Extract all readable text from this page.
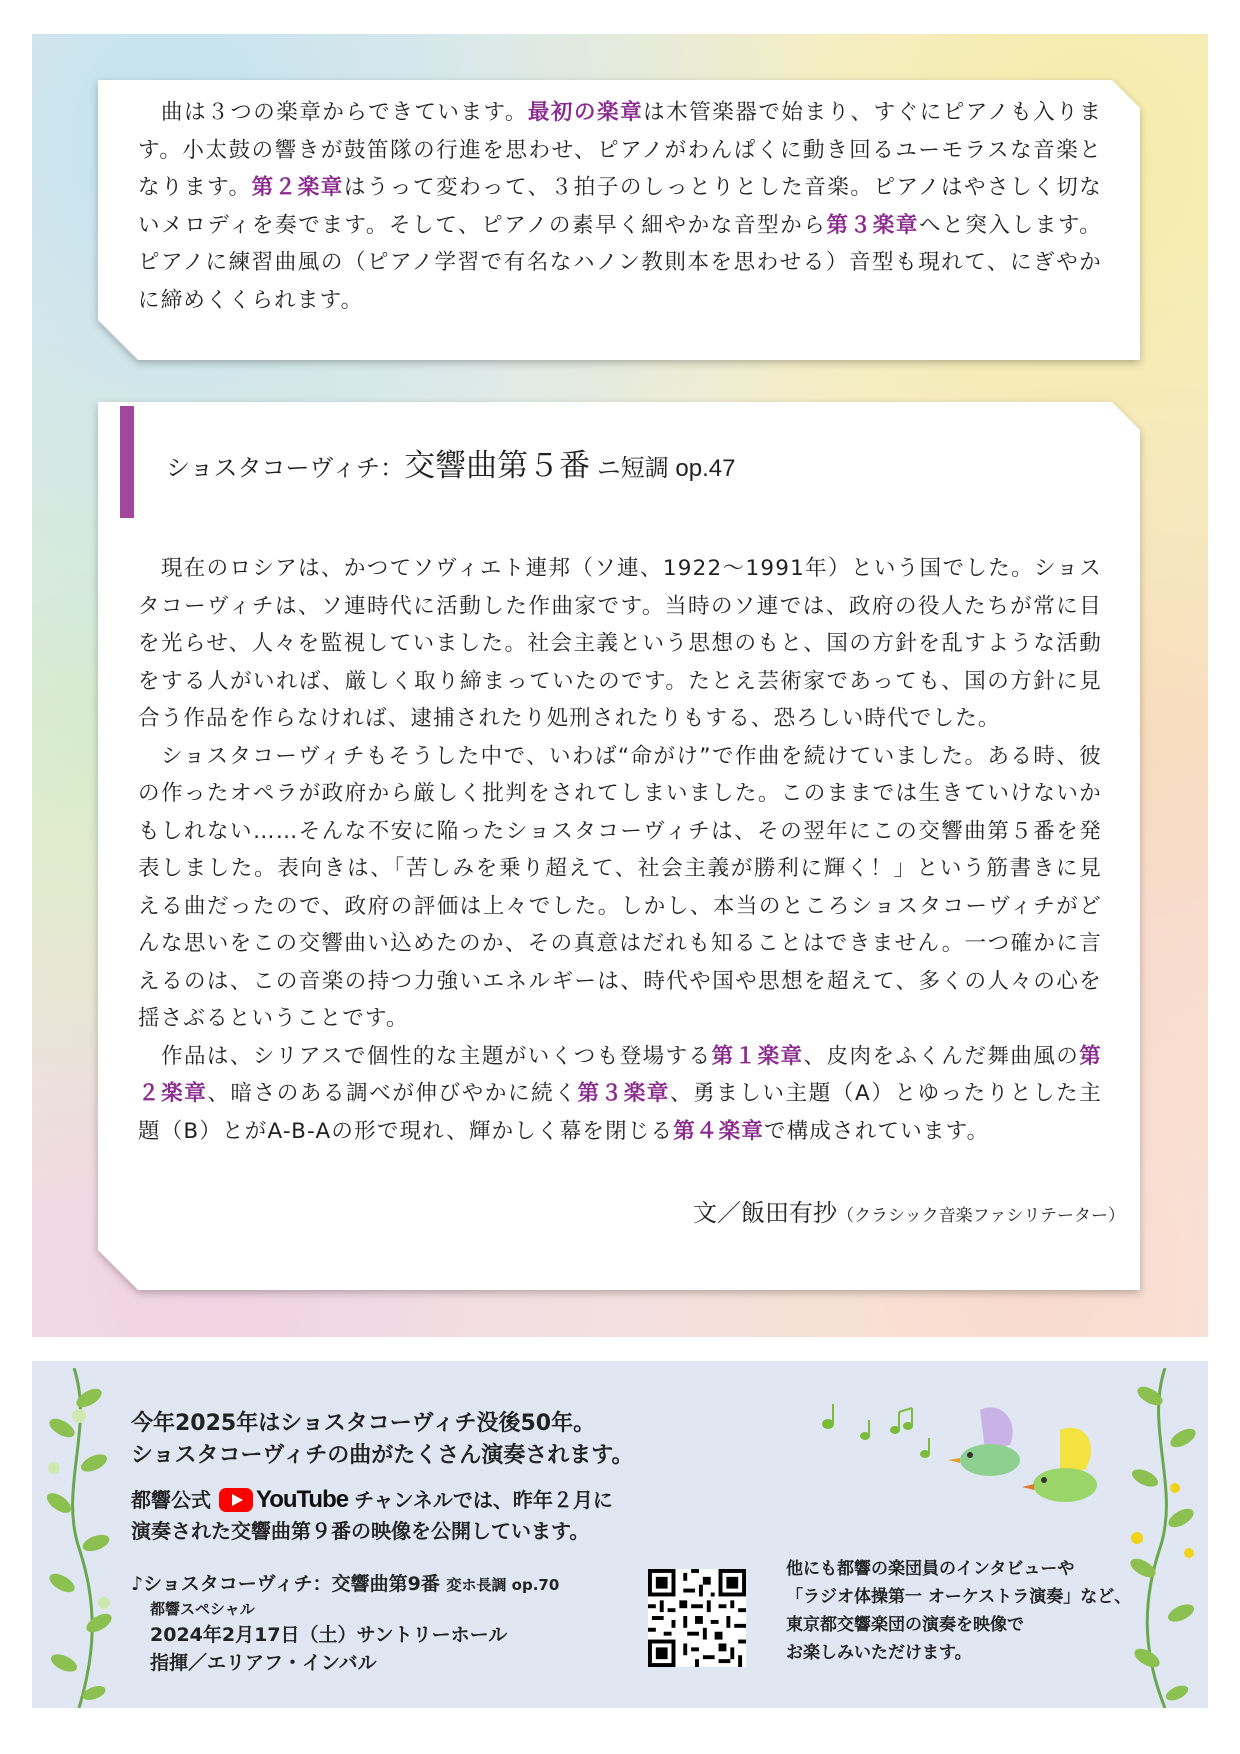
　曲は３つの楽章からできています。最初の楽章は木管楽器で始まり、すぐにピアノも入ります。小太鼓の響きが鼓笛隊の行進を思わせ、ピアノがわんぱくに動き回るユーモラスな音楽となります。第２楽章はうって変わって、３拍子のしっとりとした音楽。ピアノはやさしく切ないメロディを奏でます。そして、ピアノの素早く細やかな音型から第３楽章へと突入します。ピアノに練習曲風の（ピアノ学習で有名なハノン教則本を思わせる）音型も現れて、にぎやかに締めくくられます。

　現在のロシアは、かつてソヴィエト連邦（ソ連、1922～1991年）という国でした。ショスタコーヴィチは、ソ連時代に活動した作曲家です。当時のソ連では、政府の役人たちが常に目を光らせ、人々を監視していました。社会主義という思想のもと、国の方針を乱すような活動をする人がいれば、厳しく取り締まっていたのです。たとえ芸術家であっても、国の方針に見合う作品を作らなければ、逮捕されたり処刑されたりもする、恐ろしい時代でした。

　ショスタコーヴィチもそうした中で、いわば“命がけ”で作曲を続けていました。ある時、彼の作ったオペラが政府から厳しく批判をされてしまいました。このままでは生きていけないかもしれない……そんな不安に陥ったショスタコーヴィチは、その翌年にこの交響曲第５番を発表しました。表向きは、「苦しみを乗り超えて、社会主義が勝利に輝く！」という筋書きに見える曲だったので、政府の評価は上々でした。しかし、本当のところショスタコーヴィチがどんな思いをこの交響曲い込めたのか、その真意はだれも知ることはできません。一つ確かに言えるのは、この音楽の持つ力強いエネルギーは、時代や国や思想を超えて、多くの人々の心を揺さぶるということです。

　作品は、シリアスで個性的な主題がいくつも登場する第１楽章、皮肉をふくんだ舞曲風の第２楽章、暗さのある調べが伸びやかに続く第３楽章、勇ましい主題（A）とゆったりとした主題（B）とがA-B-Aの形で現れ、輝かしく幕を閉じる第４楽章で構成されています。

ショスタコーヴィチ：交響曲第５番 ニ短調 op.47
文／飯田有抄（クラシック音楽ファシリテーター）
今年2025年はショスタコーヴィチ没後50年。
ショスタコーヴィチの曲がたくさん演奏されます。
都響公式 YouTube チャンネルでは、昨年２月に
演奏された交響曲第９番の映像を公開しています。
♪ショスタコーヴィチ：交響曲第9番 変ホ長調 op.70
都響スペシャル
2024年2月17日（土）サントリーホール
指揮／エリアフ・インバル
他にも都響の楽団員のインタビューや
「ラジオ体操第一 オーケストラ演奏」など、
東京都交響楽団の演奏を映像で
お楽しみいただけます。
